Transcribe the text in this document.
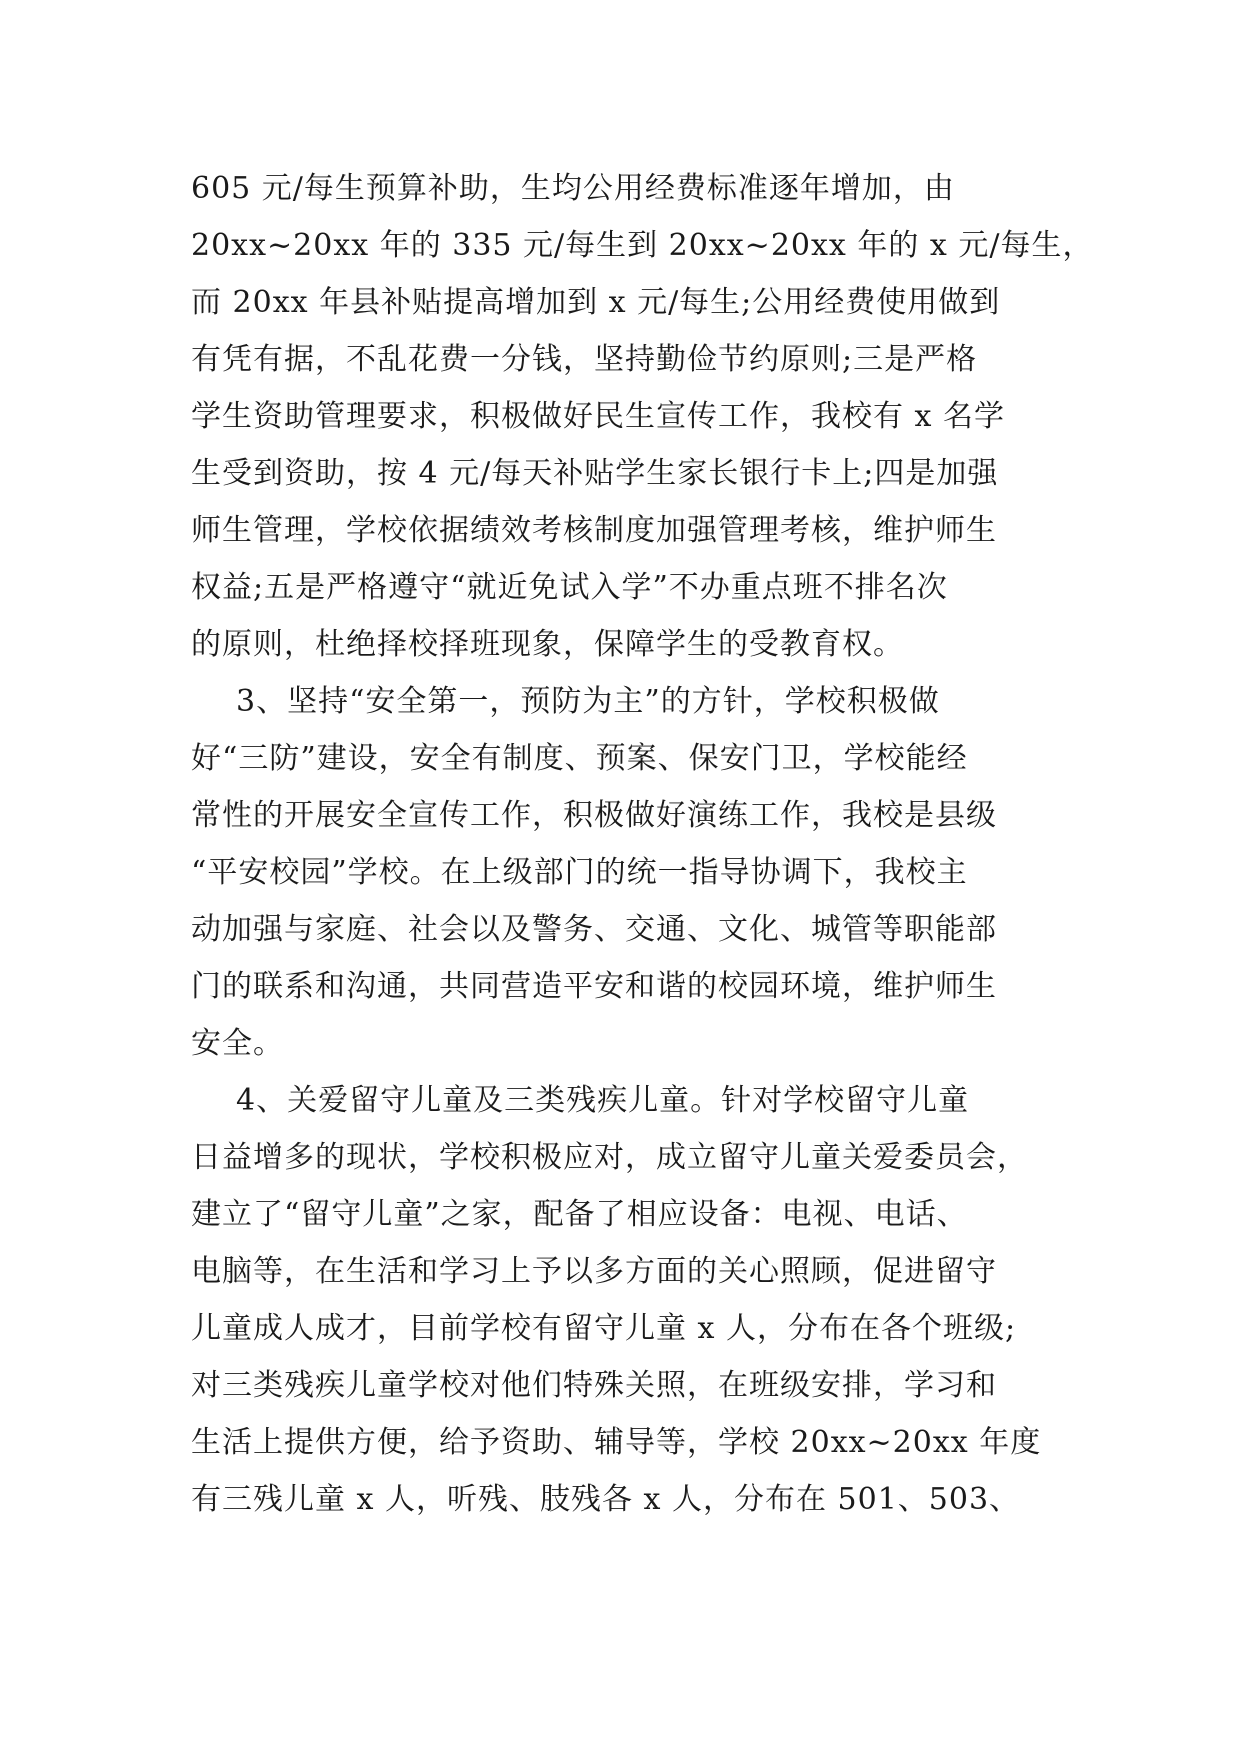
605 元/每生预算补助，生均公用经费标准逐年增加，由
20xx~20xx 年的 335 元/每生到 20xx~20xx 年的 x 元/每生，
而 20xx 年县补贴提高增加到 x 元/每生;公用经费使用做到
有凭有据，不乱花费一分钱，坚持勤俭节约原则;三是严格
学生资助管理要求，积极做好民生宣传工作，我校有 x 名学
生受到资助，按 4 元/每天补贴学生家长银行卡上;四是加强
师生管理，学校依据绩效考核制度加强管理考核，维护师生
权益;五是严格遵守“就近免试入学”不办重点班不排名次
的原则，杜绝择校择班现象，保障学生的受教育权。
3、坚持“安全第一，预防为主”的方针，学校积极做
好“三防”建设，安全有制度、预案、保安门卫，学校能经
常性的开展安全宣传工作，积极做好演练工作，我校是县级
“平安校园”学校。在上级部门的统一指导协调下，我校主
动加强与家庭、社会以及警务、交通、文化、城管等职能部
门的联系和沟通，共同营造平安和谐的校园环境，维护师生
安全。
4、关爱留守儿童及三类残疾儿童。针对学校留守儿童
日益增多的现状，学校积极应对，成立留守儿童关爱委员会，
建立了“留守儿童”之家，配备了相应设备：电视、电话、
电脑等，在生活和学习上予以多方面的关心照顾，促进留守
儿童成人成才，目前学校有留守儿童 x 人，分布在各个班级;
对三类残疾儿童学校对他们特殊关照，在班级安排，学习和
生活上提供方便，给予资助、辅导等，学校 20xx~20xx 年度
有三残儿童 x 人，听残、肢残各 x 人，分布在 501、503、
